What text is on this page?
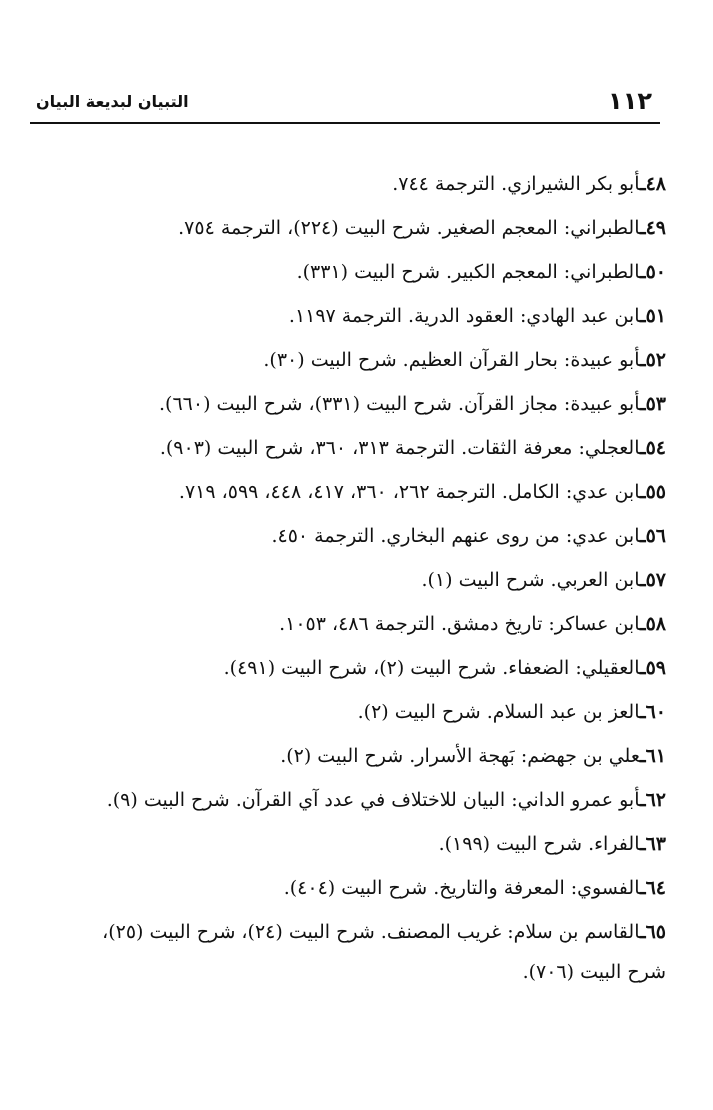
١١٢
التبيان لبديعة البيان
٤٨ـأبو بكر الشيرازي. الترجمة ٧٤٤.
٤٩ـالطبراني: المعجم الصغير. شرح البيت (٢٢٤)، الترجمة ٧٥٤.
٥٠ـالطبراني: المعجم الكبير. شرح البيت (٣٣١).
٥١ـابن عبد الهادي: العقود الدرية. الترجمة ١١٩٧.
٥٢ـأبو عبيدة: بحار القرآن العظيم. شرح البيت (٣٠).
٥٣ـأبو عبيدة: مجاز القرآن. شرح البيت (٣٣١)، شرح البيت (٦٦٠).
٥٤ـالعجلي: معرفة الثقات. الترجمة ٣١٣، ٣٦٠، شرح البيت (٩٠٣).
٥٥ـابن عدي: الكامل. الترجمة ٢٦٢، ٣٦٠، ٤١٧، ٤٤٨، ٥٩٩، ٧١٩.
٥٦ـابن عدي: من روى عنهم البخاري. الترجمة ٤٥٠.
٥٧ـابن العربي. شرح البيت (١).
٥٨ـابن عساكر: تاريخ دمشق. الترجمة ٤٨٦، ١٠٥٣.
٥٩ـالعقيلي: الضعفاء. شرح البيت (٢)، شرح البيت (٤٩١).
٦٠ـالعز بن عبد السلام. شرح البيت (٢).
٦١ـعلي بن جهضم: بَهجة الأسرار. شرح البيت (٢).
٦٢ـأبو عمرو الداني: البيان للاختلاف في عدد آي القرآن. شرح البيت (٩).
٦٣ـالفراء. شرح البيت (١٩٩).
٦٤ـالفسوي: المعرفة والتاريخ. شرح البيت (٤٠٤).
٦٥ـالقاسم بن سلام: غريب المصنف. شرح البيت (٢٤)، شرح البيت (٢٥)، شرح البيت (٧٠٦).
